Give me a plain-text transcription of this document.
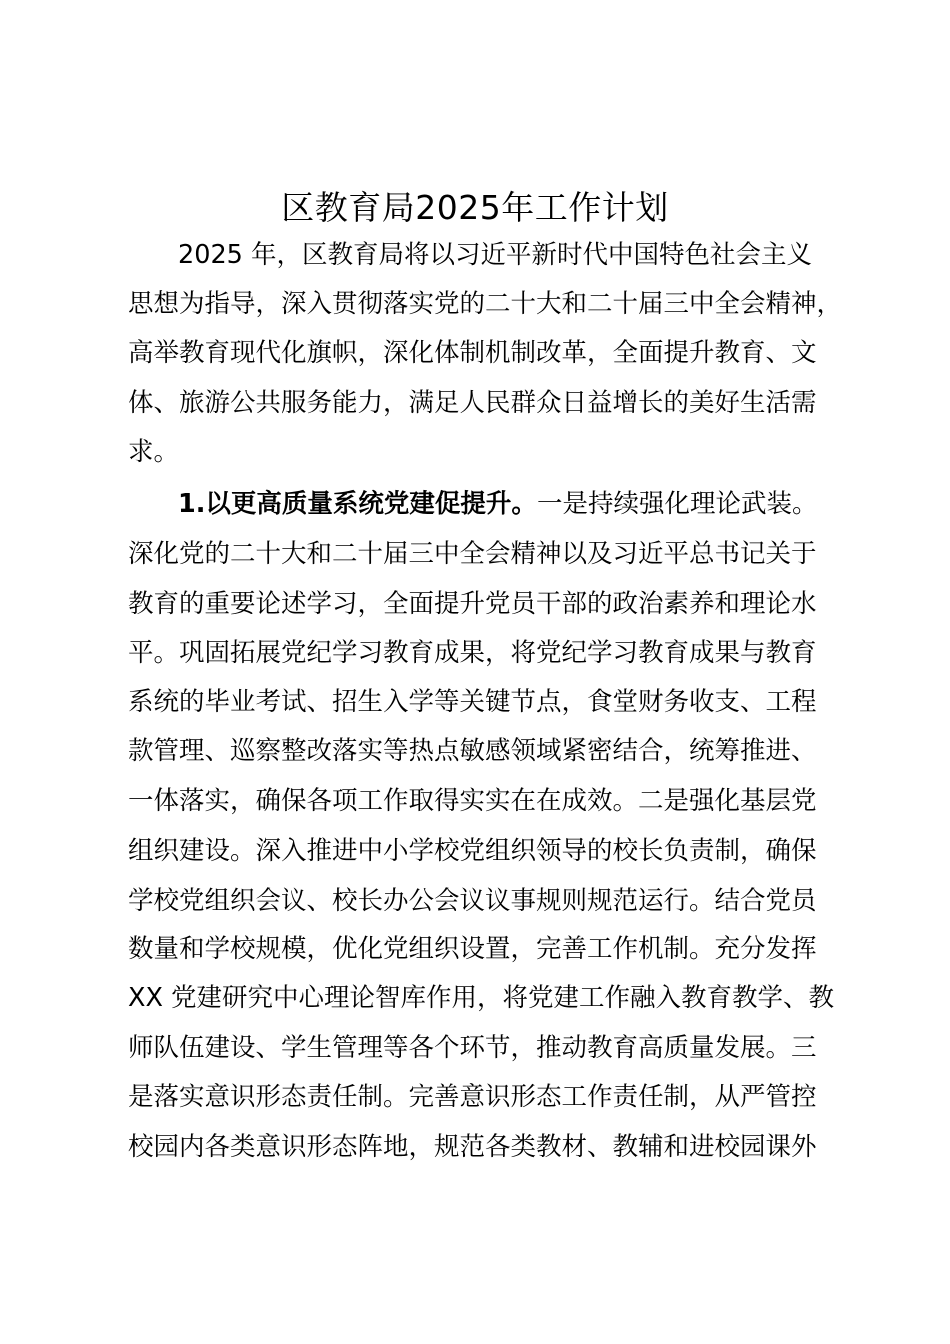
区教育局2025年工作计划
2025 年，区教育局将以习近平新时代中国特色社会主义
思想为指导，深入贯彻落实党的二十大和二十届三中全会精神，
高举教育现代化旗帜，深化体制机制改革，全面提升教育、文
体、旅游公共服务能力，满足人民群众日益增长的美好生活需
求。
1.以更高质量系统党建促提升。一是持续强化理论武装。
深化党的二十大和二十届三中全会精神以及习近平总书记关于
教育的重要论述学习，全面提升党员干部的政治素养和理论水
平。巩固拓展党纪学习教育成果，将党纪学习教育成果与教育
系统的毕业考试、招生入学等关键节点，食堂财务收支、工程
款管理、巡察整改落实等热点敏感领域紧密结合，统筹推进、
一体落实，确保各项工作取得实实在在成效。二是强化基层党
组织建设。深入推进中小学校党组织领导的校长负责制，确保
学校党组织会议、校长办公会议议事规则规范运行。结合党员
数量和学校规模，优化党组织设置，完善工作机制。充分发挥
XX 党建研究中心理论智库作用，将党建工作融入教育教学、教
师队伍建设、学生管理等各个环节，推动教育高质量发展。三
是落实意识形态责任制。完善意识形态工作责任制，从严管控
校园内各类意识形态阵地，规范各类教材、教辅和进校园课外
